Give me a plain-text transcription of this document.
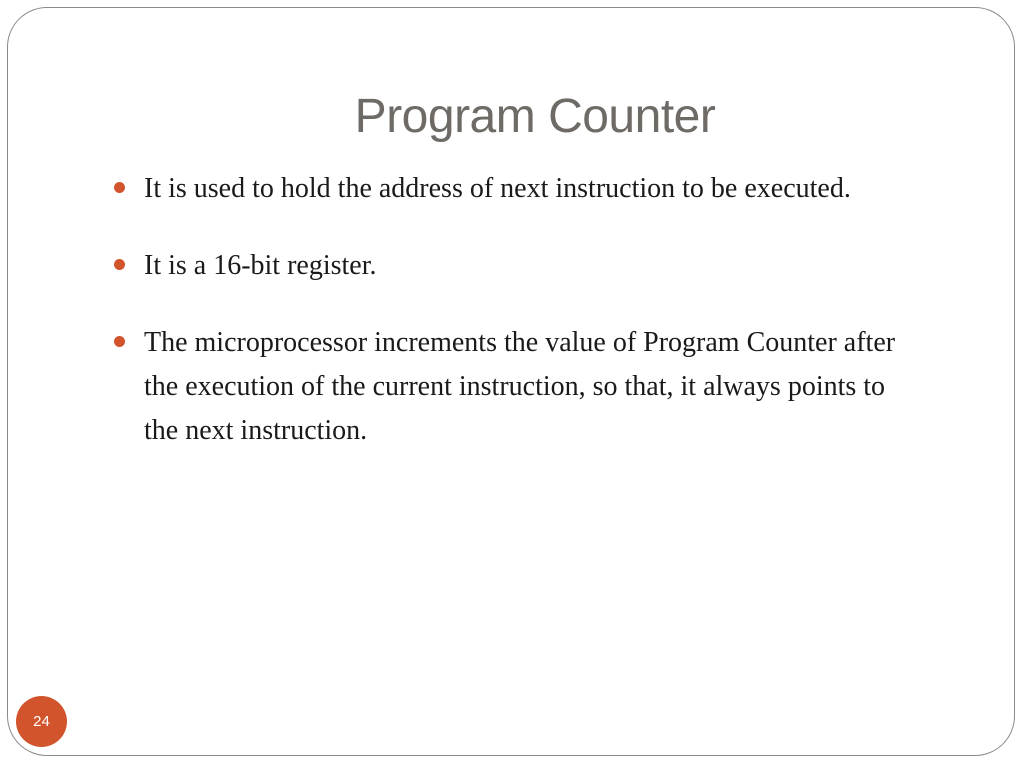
Program Counter
It is used to hold the address of next instruction to be executed.
It is a 16-bit register.
The microprocessor increments the value of Program Counter after the execution of the current instruction, so that, it always points to the next instruction.
24
